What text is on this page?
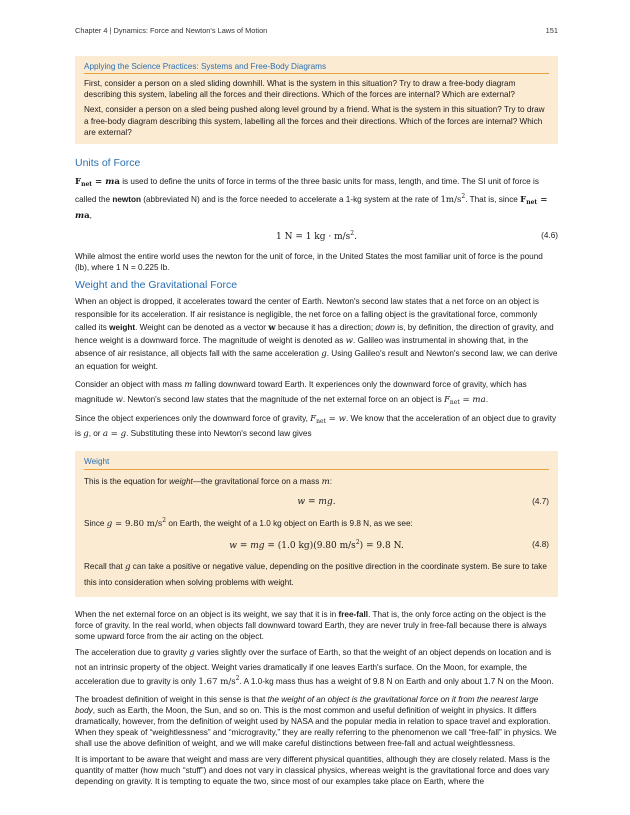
Chapter 4 | Dynamics: Force and Newton's Laws of Motion	151
Applying the Science Practices: Systems and Free-Body Diagrams

First, consider a person on a sled sliding downhill. What is the system in this situation? Try to draw a free-body diagram describing this system, labeling all the forces and their directions. Which of the forces are internal? Which are external?

Next, consider a person on a sled being pushed along level ground by a friend. What is the system in this situation? Try to draw a free-body diagram describing this system, labelling all the forces and their directions. Which of the forces are internal? Which are external?

Units of Force

$F_{net}$ = ma is used to define the units of force in terms of the three basic units for mass, length, and time. The SI unit of force is called the newton (abbreviated N) and is the force needed to accelerate a 1-kg system at the rate of $1m/s^2$. That is, since $F_{net}$ = ma,

1 N = 1 kg · $m/s^2$.	(4.6)

While almost the entire world uses the newton for the unit of force, in the United States the most familiar unit of force is the pound (lb), where 1 N = 0.225 lb.

Weight and the Gravitational Force

When an object is dropped, it accelerates toward the center of Earth. Newton's second law states that a net force on an object is responsible for its acceleration. If air resistance is negligible, the net force on a falling object is the gravitational force, commonly called its weight. Weight can be denoted as a vector w because it has a direction; down is, by definition, the direction of gravity, and hence weight is a downward force. The magnitude of weight is denoted as w. Galileo was instrumental in showing that, in the absence of air resistance, all objects fall with the same acceleration g. Using Galileo's result and Newton's second law, we can derive an equation for weight.

Consider an object with mass m falling downward toward Earth. It experiences only the downward force of gravity, which has magnitude w. Newton's second law states that the magnitude of the net external force on an object is $F_{net}$ = ma.

Since the object experiences only the downward force of gravity, $F_{net} = w$. We know that the acceleration of an object due to gravity is g, or a = g. Substituting these into Newton's second law gives

Weight

This is the equation for weight—the gravitational force on a mass m:

w = mg.	(4.7)

Since g = 9.80 $m/s^2$ on Earth, the weight of a 1.0 kg object on Earth is 9.8 N, as we see:

w = mg = (1.0 kg)(9.80 $m/s^2) = 9.8$ N.	(4.8)

Recall that g can take a positive or negative value, depending on the positive direction in the coordinate system. Be sure to take this into consideration when solving problems with weight.

When the net external force on an object is its weight, we say that it is in free-fall. That is, the only force acting on the object is the force of gravity. In the real world, when objects fall downward toward Earth, they are never truly in free-fall because there is always some upward force from the air acting on the object.

The acceleration due to gravity g varies slightly over the surface of Earth, so that the weight of an object depends on location and is not an intrinsic property of the object. Weight varies dramatically if one leaves Earth's surface. On the Moon, for example, the acceleration due to gravity is only 1.67 $m/s^2$. A 1.0-kg mass thus has a weight of 9.8 N on Earth and only about 1.7 N on the Moon.

The broadest definition of weight in this sense is that the weight of an object is the gravitational force on it from the nearest large body, such as Earth, the Moon, the Sun, and so on. This is the most common and useful definition of weight in physics. It differs dramatically, however, from the definition of weight used by NASA and the popular media in relation to space travel and exploration. When they speak of “weightlessness” and “microgravity,” they are really referring to the phenomenon we call “free-fall” in physics. We shall use the above definition of weight, and we will make careful distinctions between free-fall and actual weightlessness.

It is important to be aware that weight and mass are very different physical quantities, although they are closely related. Mass is the quantity of matter (how much “stuff”) and does not vary in classical physics, whereas weight is the gravitational force and does vary depending on gravity. It is tempting to equate the two, since most of our examples take place on Earth, where the
